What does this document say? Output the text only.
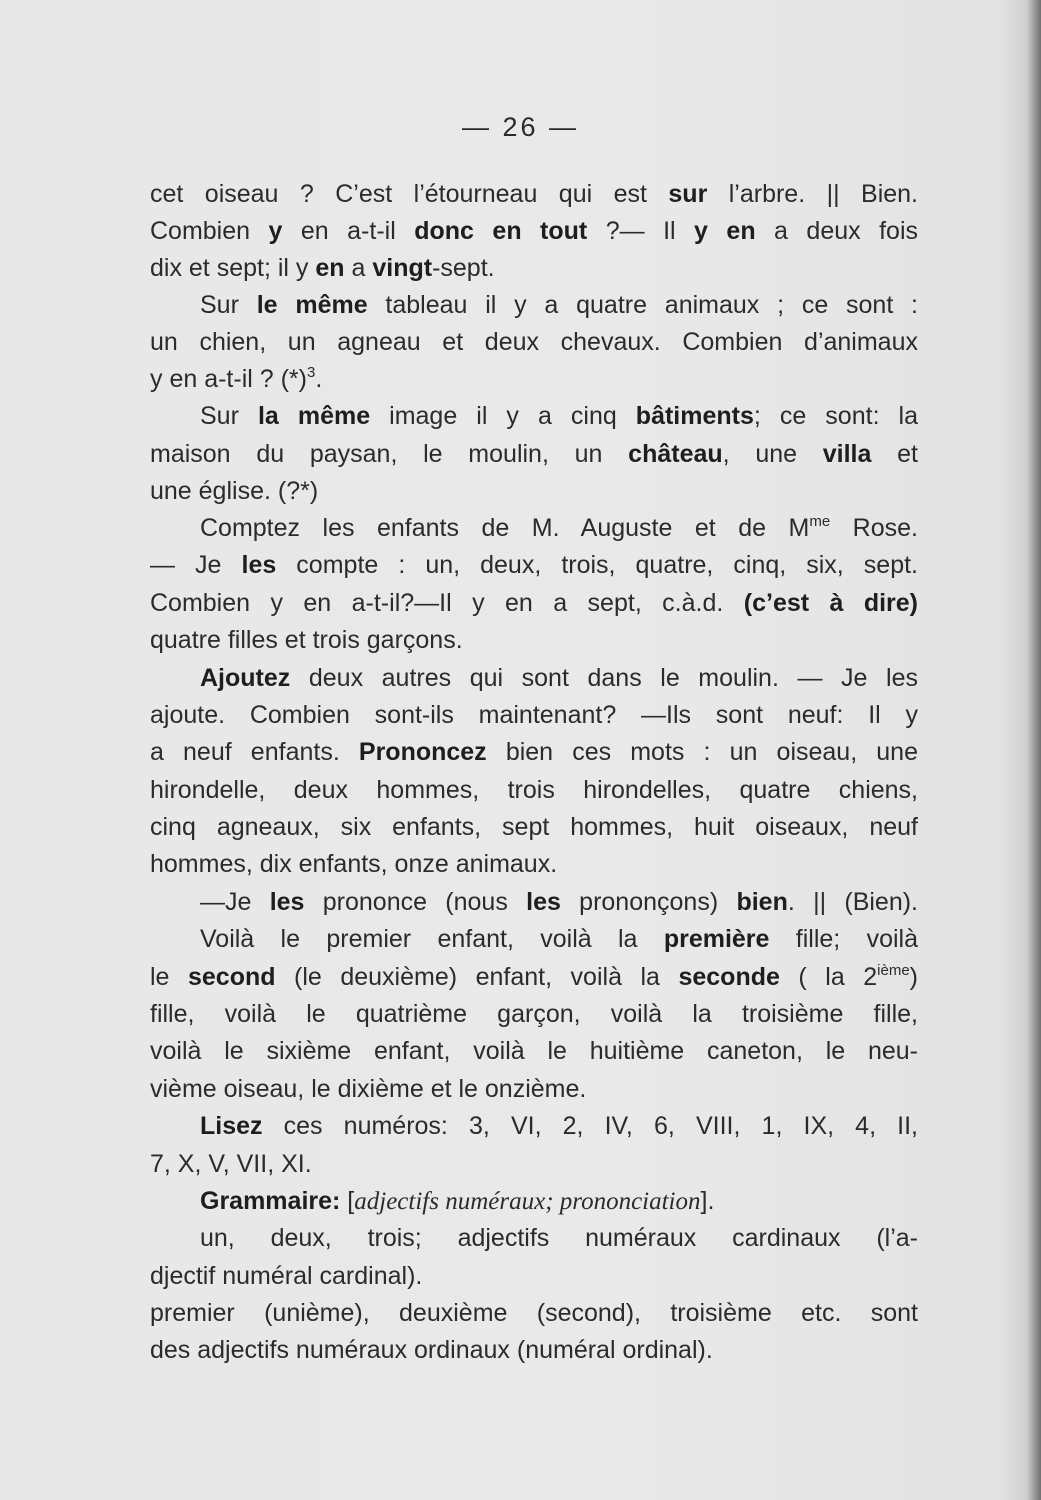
— 26 —
cet oiseau ? C’est l’étourneau qui est sur l’arbre. || Bien.
Combien y en a-t-il donc en tout ?— Il y en a deux fois
dix et sept; il y en a vingt-sept.
Sur le même tableau il y a quatre animaux ; ce sont :
un chien, un agneau et deux chevaux. Combien d’animaux
y en a-t-il ? $(*)^3$.
Sur la même image il y a cinq bâtiments; ce sont: la
maison du paysan, le moulin, un château, une villa et
une église. (?*)
Comptez les enfants de M. Auguste et de $M^{me}$ Rose.
— Je les compte : un, deux, trois, quatre, cinq, six, sept.
Combien y en a-t-il?—Il y en a sept, c.à.d. (c’est à dire)
quatre filles et trois garçons.
Ajoutez deux autres qui sont dans le moulin. — Je les
ajoute. Combien sont-ils maintenant? —Ils sont neuf: Il y
a neuf enfants. Prononcez bien ces mots : un oiseau, une
hirondelle, deux hommes, trois hirondelles, quatre chiens,
cinq agneaux, six enfants, sept hommes, huit oiseaux, neuf
hommes, dix enfants, onze animaux.
—Je les prononce (nous les prononçons) bien. || (Bien).
Voilà le premier enfant, voilà la première fille; voilà
le second (le deuxième) enfant, voilà la seconde ( la 2ième)
fille, voilà le quatrième garçon, voilà la troisième fille,
voilà le sixième enfant, voilà le huitième caneton, le neu-
vième oiseau, le dixième et le onzième.
Lisez ces numéros: 3, VI, 2, IV, 6, VIII, 1, IX, 4, II,
7, X, V, VII, XI.
Grammaire: [adjectifs numéraux; prononciation].
un, deux, trois; adjectifs numéraux cardinaux (l’a-
djectif numéral cardinal).
premier (unième), deuxième (second), troisième etc. sont
des adjectifs numéraux ordinaux (numéral ordinal).
